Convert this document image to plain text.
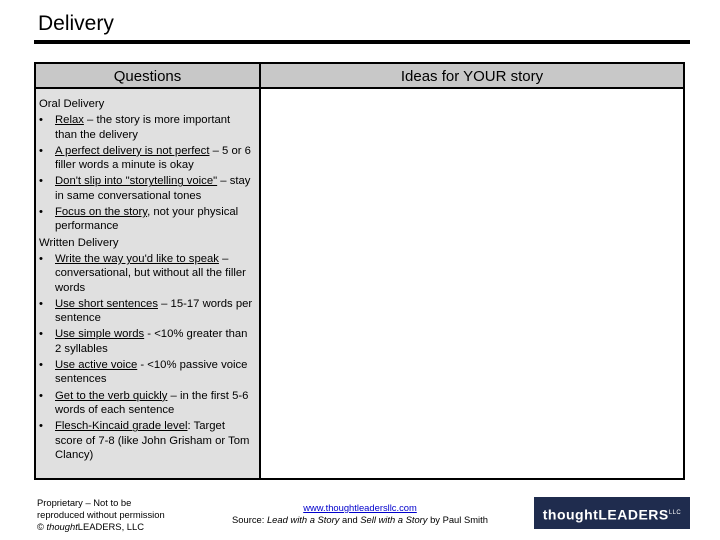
Delivery
Questions	Ideas for YOUR story
Oral Delivery
• Relax – the story is more important than the delivery
• A perfect delivery is not perfect – 5 or 6 filler words a minute is okay
• Don't slip into "storytelling voice" – stay in same conversational tones
• Focus on the story, not your physical performance
Written Delivery
• Write the way you'd like to speak – conversational, but without all the filler words
• Use short sentences – 15-17 words per sentence
• Use simple words - <10% greater than 2 syllables
• Use active voice - <10% passive voice sentences
• Get to the verb quickly – in the first 5-6 words of each sentence
• Flesch-Kincaid grade level: Target score of 7-8 (like John Grisham or Tom Clancy)
Proprietary – Not to be
reproduced without permission
© thoughtLEADERS, LLC
www.thoughtleadersllc.com
Source: Lead with a Story and Sell with a Story by Paul Smith	thoughtLEADERS$^{LLC}$
